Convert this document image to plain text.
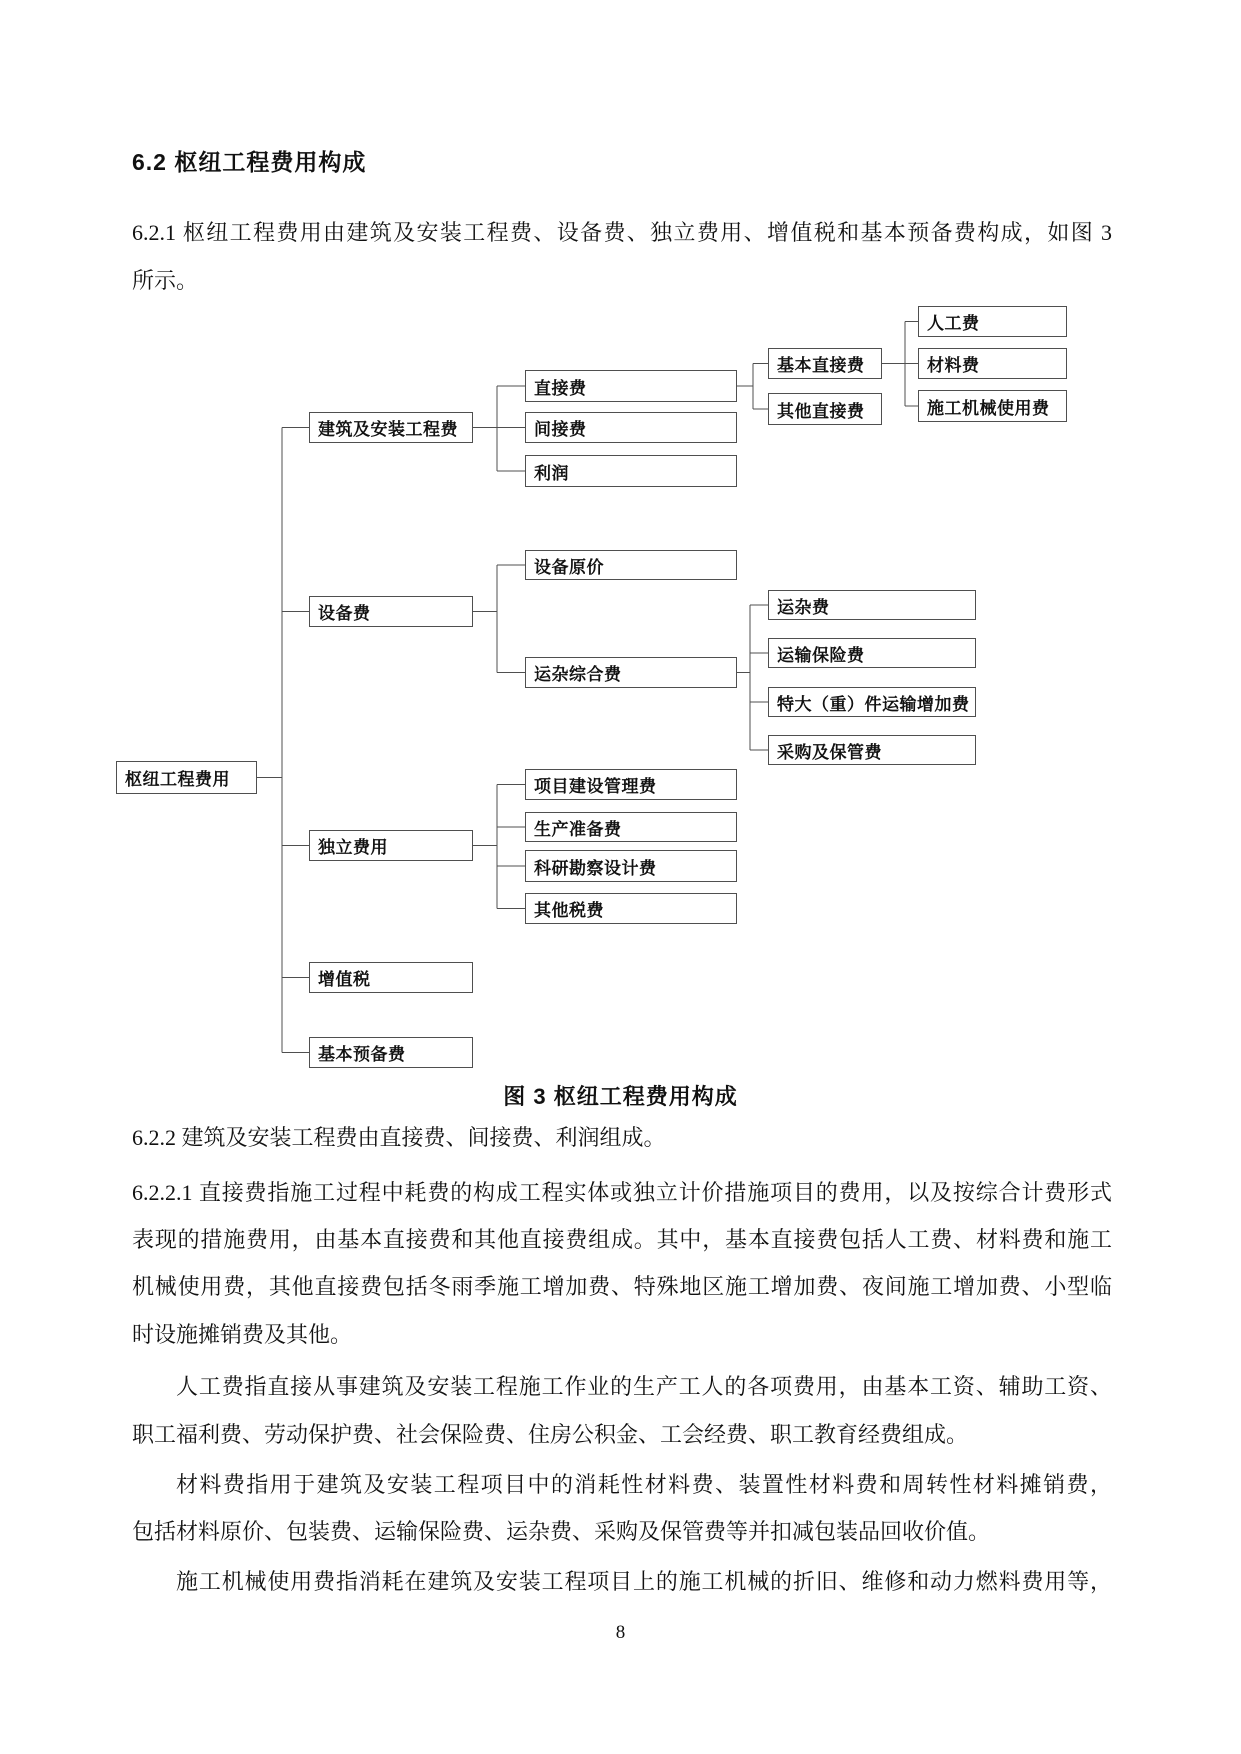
6.2 枢纽工程费用构成
6.2.1 枢纽工程费用由建筑及安装工程费、设备费、独立费用、增值税和基本预备费构成，如图 3
所示。
枢纽工程费用
建筑及安装工程费
设备费
独立费用
增值税
基本预备费
直接费
间接费
利润
基本直接费
其他直接费
人工费
材料费
施工机械使用费
设备原价
运杂综合费
运杂费
运输保险费
特大（重）件运输增加费
采购及保管费
项目建设管理费
生产准备费
科研勘察设计费
其他税费
图 3 枢纽工程费用构成
6.2.2 建筑及安装工程费由直接费、间接费、利润组成。
6.2.2.1 直接费指施工过程中耗费的构成工程实体或独立计价措施项目的费用，以及按综合计费形式
表现的措施费用，由基本直接费和其他直接费组成。其中，基本直接费包括人工费、材料费和施工
机械使用费，其他直接费包括冬雨季施工增加费、特殊地区施工增加费、夜间施工增加费、小型临
时设施摊销费及其他。
人工费指直接从事建筑及安装工程施工作业的生产工人的各项费用，由基本工资、辅助工资、
职工福利费、劳动保护费、社会保险费、住房公积金、工会经费、职工教育经费组成。
材料费指用于建筑及安装工程项目中的消耗性材料费、装置性材料费和周转性材料摊销费，
包括材料原价、包装费、运输保险费、运杂费、采购及保管费等并扣减包装品回收价值。
施工机械使用费指消耗在建筑及安装工程项目上的施工机械的折旧、维修和动力燃料费用等，
8
